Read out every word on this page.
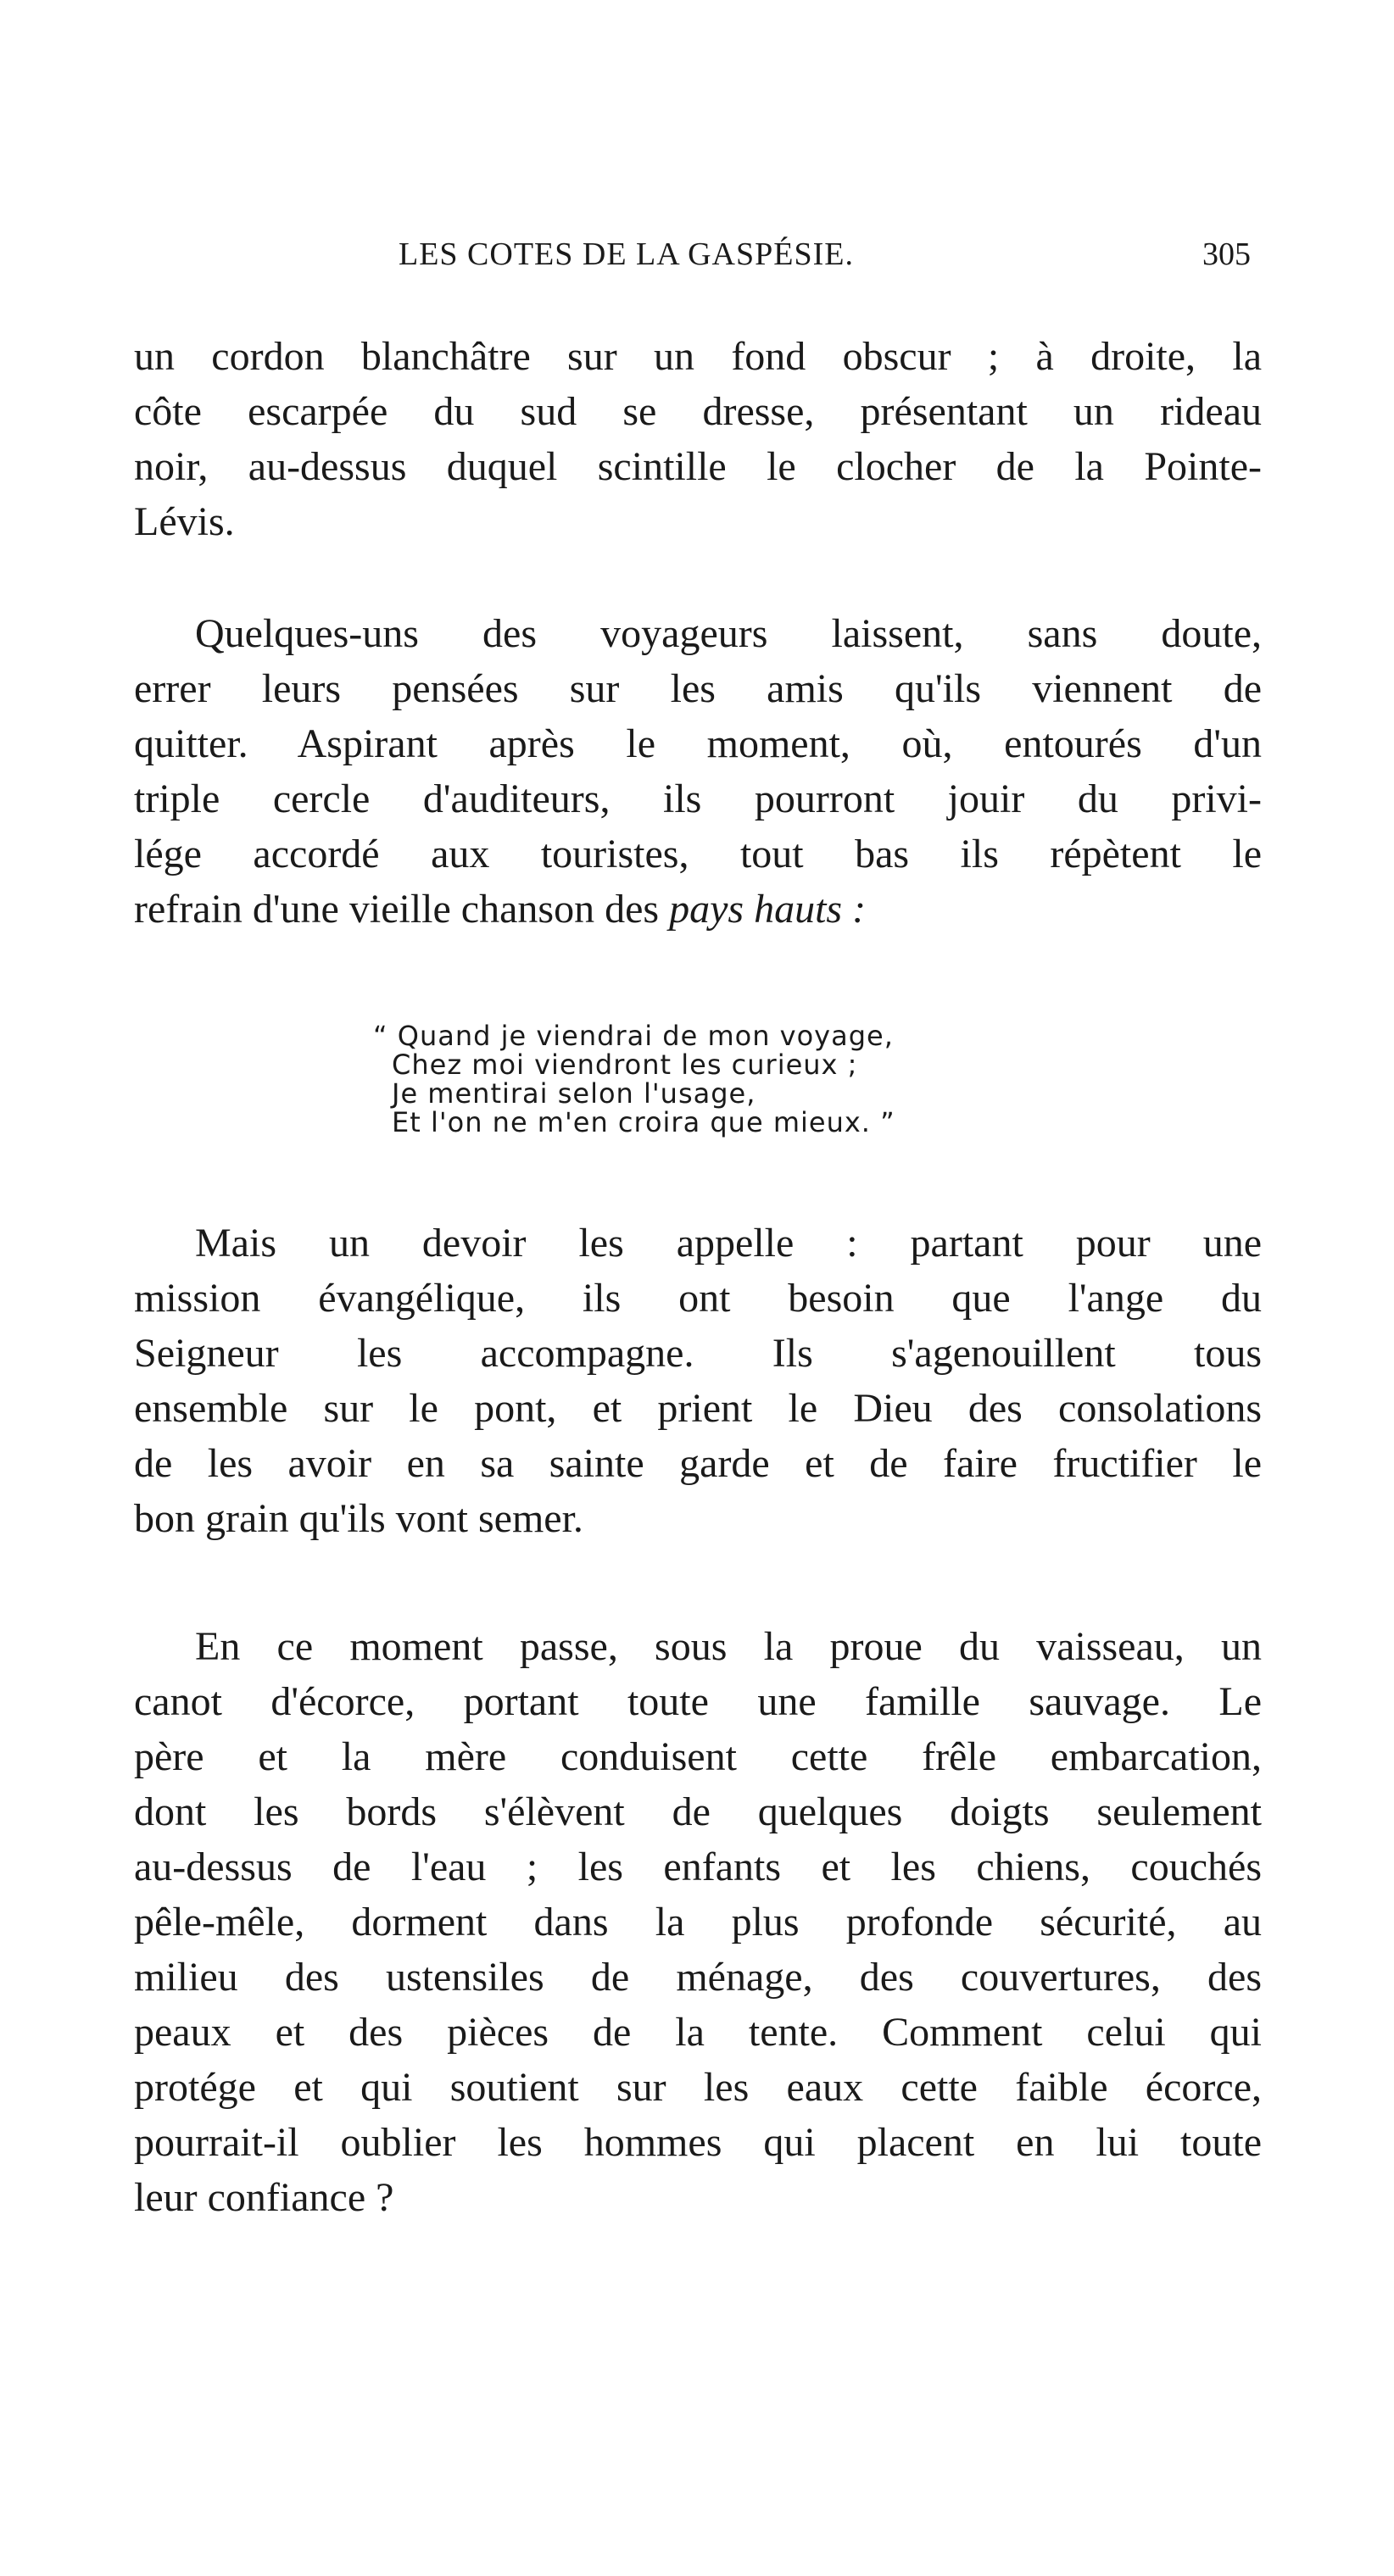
LES COTES DE LA GASPÉSIE.	305
un cordon blanchâtre sur un fond obscur ; à droite, la
côte escarpée du sud se dresse, présentant un rideau
noir, au-dessus duquel scintille le clocher de la Pointe-
Lévis.
Quelques-uns des voyageurs laissent, sans doute,
errer leurs pensées sur les amis qu'ils viennent de
quitter. Aspirant après le moment, où, entourés d'un
triple cercle d'auditeurs, ils pourront jouir du privi-
lége accordé aux touristes, tout bas ils répètent le
refrain d'une vieille chanson des pays hauts :
“ Quand je viendrai de mon voyage,
Chez moi viendront les curieux ;
Je mentirai selon l'usage,
Et l'on ne m'en croira que mieux. ”
Mais un devoir les appelle : partant pour une
mission évangélique, ils ont besoin que l'ange du
Seigneur les accompagne. Ils s'agenouillent tous
ensemble sur le pont, et prient le Dieu des consolations
de les avoir en sa sainte garde et de faire fructifier le
bon grain qu'ils vont semer.
En ce moment passe, sous la proue du vaisseau, un
canot d'écorce, portant toute une famille sauvage. Le
père et la mère conduisent cette frêle embarcation,
dont les bords s'élèvent de quelques doigts seulement
au-dessus de l'eau ; les enfants et les chiens, couchés
pêle-mêle, dorment dans la plus profonde sécurité, au
milieu des ustensiles de ménage, des couvertures, des
peaux et des pièces de la tente. Comment celui qui
protége et qui soutient sur les eaux cette faible écorce,
pourrait-il oublier les hommes qui placent en lui toute
leur confiance ?
